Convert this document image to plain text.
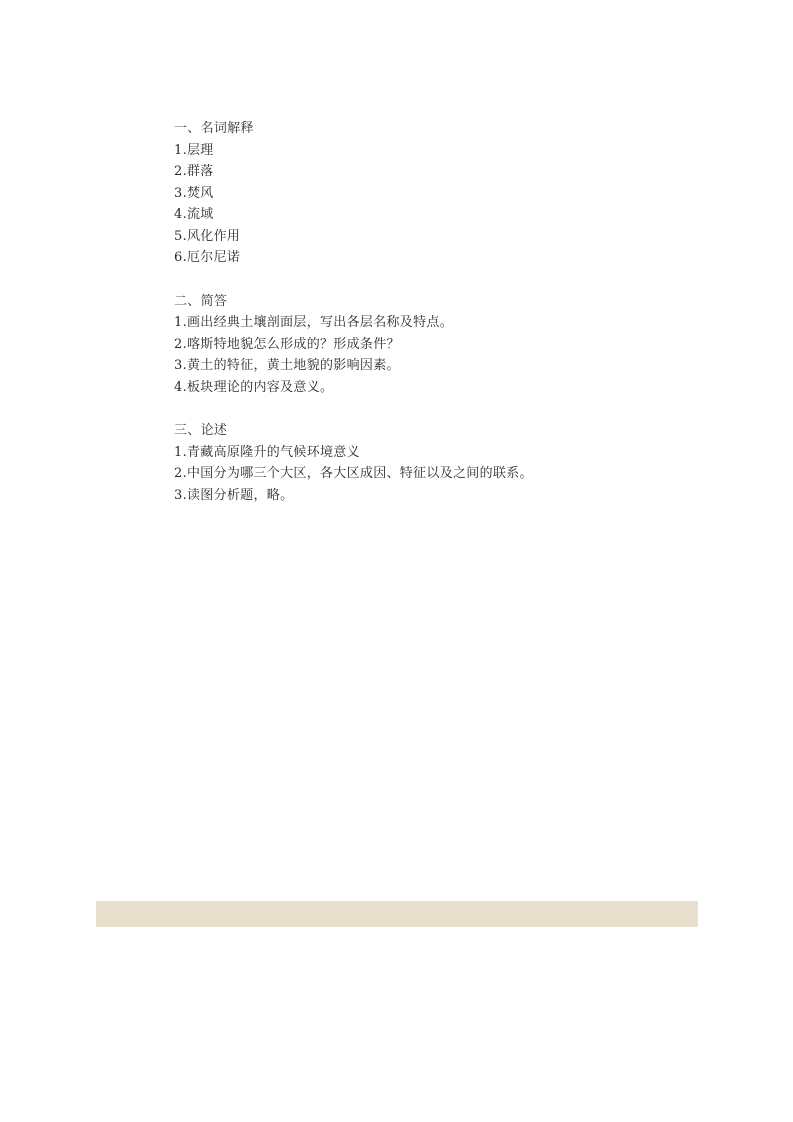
一、名词解释
1.层理
2.群落
3.焚风
4.流域
5.风化作用
6.厄尔尼诺
二、简答
1.画出经典土壤剖面层，写出各层名称及特点。
2.喀斯特地貌怎么形成的？形成条件？
3.黄土的特征，黄土地貌的影响因素。
4.板块理论的内容及意义。
三、论述
1.青藏高原隆升的气候环境意义
2.中国分为哪三个大区，各大区成因、特征以及之间的联系。
3.读图分析题，略。
